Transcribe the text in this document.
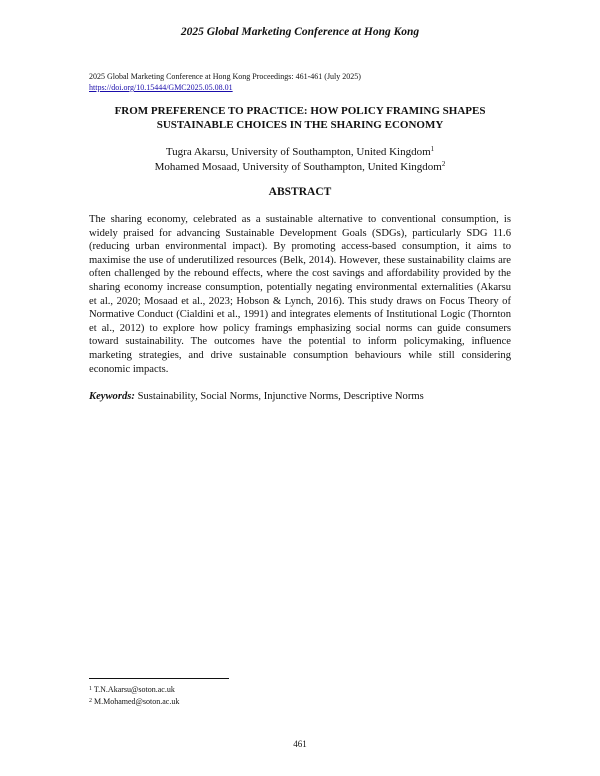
2025 Global Marketing Conference at Hong Kong
2025 Global Marketing Conference at Hong Kong Proceedings: 461-461 (July 2025)
https://doi.org/10.15444/GMC2025.05.08.01
FROM PREFERENCE TO PRACTICE: HOW POLICY FRAMING SHAPES
SUSTAINABLE CHOICES IN THE SHARING ECONOMY
Tugra Akarsu, University of Southampton, United Kingdom$^1$
Mohamed Mosaad, University of Southampton, United Kingdom$^2$
ABSTRACT

The sharing economy, celebrated as a sustainable alternative to conventional consumption, is widely praised for advancing Sustainable Development Goals (SDGs), particularly SDG 11.6 (reducing urban environmental impact). By promoting access-based consumption, it aims to maximise the use of underutilized resources (Belk, 2014). However, these sustainability claims are often challenged by the rebound effects, where the cost savings and affordability provided by the sharing economy increase consumption, potentially negating environmental externalities (Akarsu et al., 2020; Mosaad et al., 2023; Hobson & Lynch, 2016). This study draws on Focus Theory of Normative Conduct (Cialdini et al., 1991) and integrates elements of Institutional Logic (Thornton et al., 2012) to explore how policy framings emphasizing social norms can guide consumers toward sustainability. The outcomes have the potential to inform policymaking, influence marketing strategies, and drive sustainable consumption behaviours while still considering economic impacts.

Keywords: Sustainability, Social Norms, Injunctive Norms, Descriptive Norms
$^1$ T.N.Akarsu@soton.ac.uk
$^2$ M.Mohamed@soton.ac.uk
461
